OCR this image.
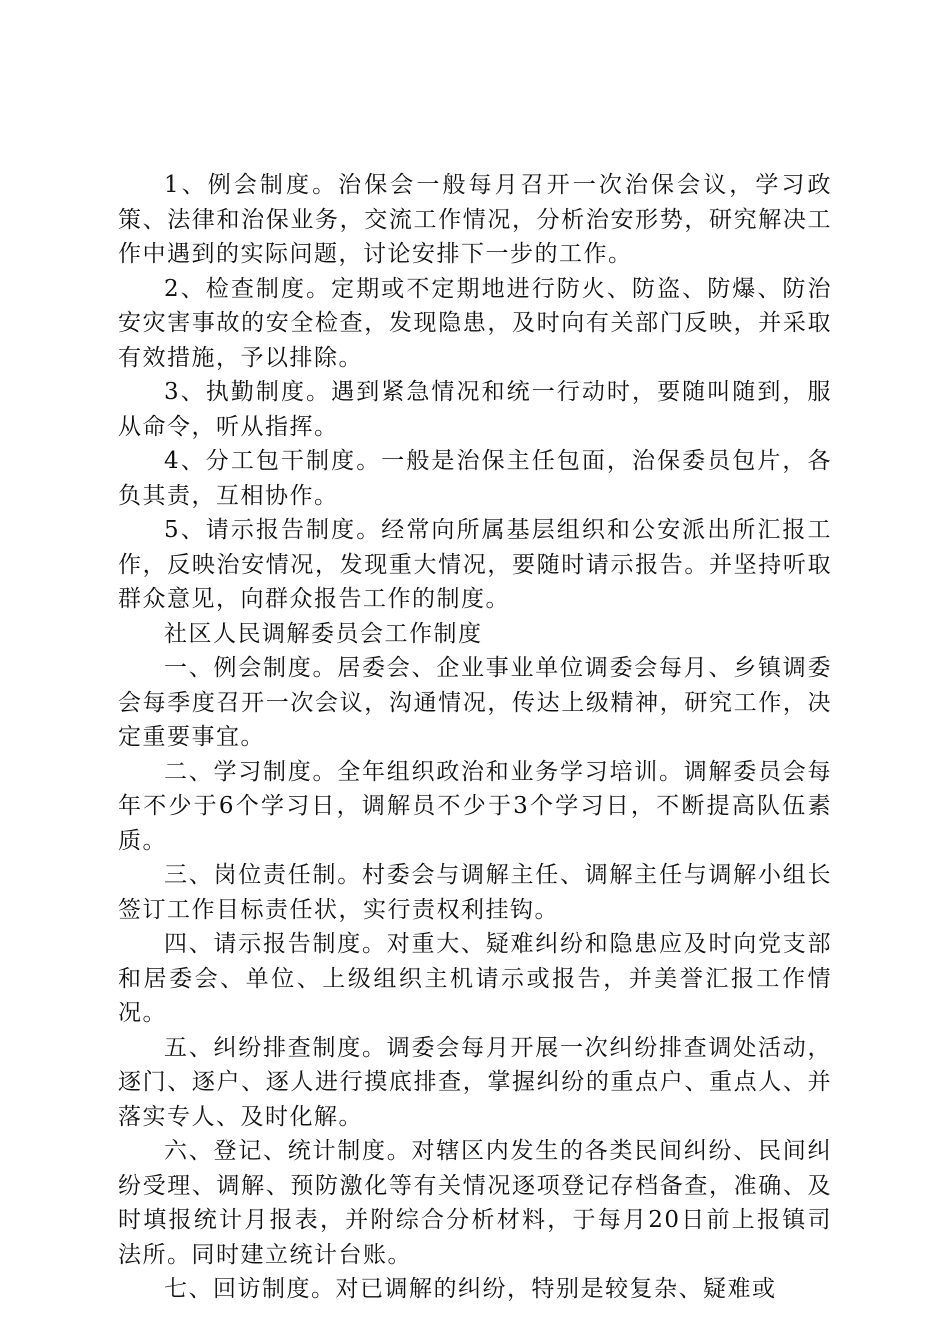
1、例会制度。治保会一般每月召开一次治保会议，学习政策、法律和治保业务，交流工作情况，分析治安形势，研究解决工作中遇到的实际问题，讨论安排下一步的工作。

2、检查制度。定期或不定期地进行防火、防盗、防爆、防治安灾害事故的安全检查，发现隐患，及时向有关部门反映，并采取有效措施，予以排除。

3、执勤制度。遇到紧急情况和统一行动时，要随叫随到，服从命令，听从指挥。

4、分工包干制度。一般是治保主任包面，治保委员包片，各负其责，互相协作。

5、请示报告制度。经常向所属基层组织和公安派出所汇报工作，反映治安情况，发现重大情况，要随时请示报告。并坚持听取群众意见，向群众报告工作的制度。

社区人民调解委员会工作制度

一、例会制度。居委会、企业事业单位调委会每月、乡镇调委会每季度召开一次会议，沟通情况，传达上级精神，研究工作，决定重要事宜。

二、学习制度。全年组织政治和业务学习培训。调解委员会每年不少于6个学习日，调解员不少于3个学习日，不断提高队伍素质。

三、岗位责任制。村委会与调解主任、调解主任与调解小组长签订工作目标责任状，实行责权利挂钩。

四、请示报告制度。对重大、疑难纠纷和隐患应及时向党支部和居委会、单位、上级组织主机请示或报告，并美誉汇报工作情况。

五、纠纷排查制度。调委会每月开展一次纠纷排查调处活动，逐门、逐户、逐人进行摸底排查，掌握纠纷的重点户、重点人、并落实专人、及时化解。

六、登记、统计制度。对辖区内发生的各类民间纠纷、民间纠纷受理、调解、预防激化等有关情况逐项登记存档备查，准确、及时填报统计月报表，并附综合分析材料，于每月20日前上报镇司法所。同时建立统计台账。

七、回访制度。对已调解的纠纷，特别是较复杂、疑难或
